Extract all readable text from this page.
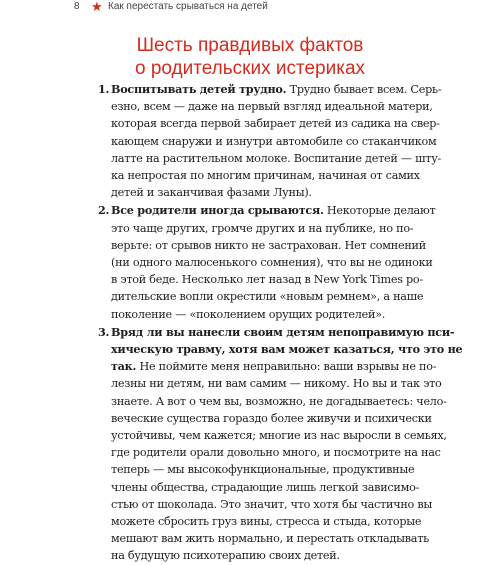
8 ★ Как перестать срываться на детей
Шесть правдивых фактов
о родительских истериках
1. Воспитывать детей трудно. Трудно бывает всем. Серь-
езно, всем — даже на первый взгляд идеальной матери,
которая всегда первой забирает детей из садика на свер-
кающем снаружи и изнутри автомобиле со стаканчиком
латте на растительном молоке. Воспитание детей — шту-
ка непростая по многим причинам, начиная от самих
детей и заканчивая фазами Луны).
2. Все родители иногда срываются. Некоторые делают
это чаще других, громче других и на публике, но по-
верьте: от срывов никто не застрахован. Нет сомнений
(ни одного малюсенького сомнения), что вы не одиноки
в этой беде. Несколько лет назад в New York Times ро-
дительские вопли окрестили «новым ремнем», а наше
поколение — «поколением орущих родителей».
3. Вряд ли вы нанесли своим детям непоправимую пси-
хическую травму, хотя вам может казаться, что это не
так. Не поймите меня неправильно: ваши взрывы не по-
лезны ни детям, ни вам самим — никому. Но вы и так это
знаете. А вот о чем вы, возможно, не догадываетесь: чело-
веческие существа гораздо более живучи и психически
устойчивы, чем кажется; многие из нас выросли в семьях,
где родители орали довольно много, и посмотрите на нас
теперь — мы высокофункциональные, продуктивные
члены общества, страдающие лишь легкой зависимо-
стью от шоколада. Это значит, что хотя бы частично вы
можете сбросить груз вины, стресса и стыда, которые
мешают вам жить нормально, и перестать откладывать
на будущую психотерапию своих детей.
